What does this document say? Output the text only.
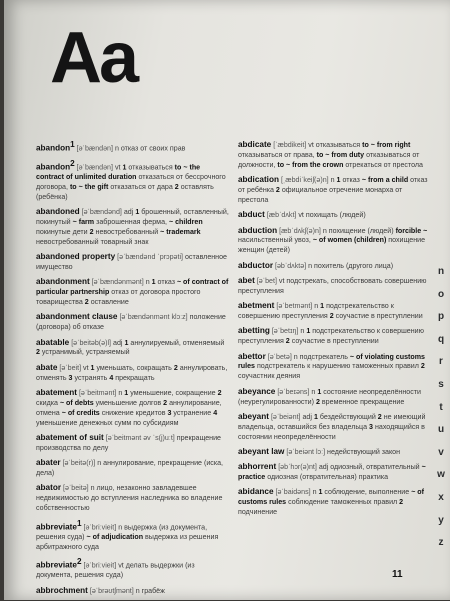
Aa
abandon$^1$ [əˈbændən] n отказ от своих прав
abandon$^2$ [əˈbændən] vt 1 отказываться to ~ the contract of unlimited duration отказаться от бессрочного договора, to ~ the gift отказаться от дара 2 оставлять (ребёнка)
abandoned [əˈbændənd] adj 1 брошенный, оставленный, покинутый ~ farm заброшенная ферма, ~ children покинутые дети 2 невостребованный ~ trademark невостребованный товарный знак
abandoned property [əˈbændənd ˈprɔpəti] оставленное имущество
abandonment [əˈbændənmənt] n 1 отказ ~ of contract of particular partnership отказ от договора простого товарищества 2 оставление
abandonment clause [əˈbændənmənt klɔːz] положение (договора) об отказе
abatable [əˈbeitəb(ə)l] adj 1 аннулируемый, отменяемый 2 устранимый, устраняемый
abate [əˈbeit] vt 1 уменьшать, сокращать 2 аннулировать, отменять 3 устранять 4 прекращать
abatement [əˈbeitmənt] n 1 уменьшение, сокращение 2 скидка ~ of debts уменьшение долгов 2 аннулирование, отмена ~ of credits снижение кредитов 3 устранение 4 уменьшение денежных сумм по субсидиям
abatement of suit [əˈbeitmənt əv ˈs(j)uːt] прекращение производства по делу
abater [əˈbeitə(r)] n аннулирование, прекращение (иска, дела)
abator [əˈbeitə] n лицо, незаконно завладевшее недвижимостью до вступления наследника во владение собственностью
abbreviate$^1$ [əˈbriːvieit] n выдержка (из документа, решения суда) ~ of adjudication выдержка из решения арбитражного суда
abbreviate$^2$ [əˈbriːvieit] vt делать выдержки (из документа, решения суда)
abbrochment [əˈbrəʊtʃmənt] n грабёж
abdicate [ˈæbdikeit] vt отказываться to ~ from right отказываться от права, to ~ from duty отказываться от должности, to ~ from the crown отрекаться от престола
abdication [ˌæbdiˈkeiʃ(ə)n] n 1 отказ ~ from a child отказ от ребёнка 2 официальное отречение монарха от престола
abduct [æbˈdʌkt] vt похищать (людей)
abduction [æbˈdʌkʃ(ə)n] n похищение (людей) forcible ~ насильственный увоз, ~ of women (children) похищение женщин (детей)
abductor [əbˈdʌktə] n похитель (другого лица)
abet [əˈbet] vt подстрекать, способствовать совершению преступления
abetment [əˈbetmənt] n 1 подстрекательство к совершению преступления 2 соучастие в преступлении
abetting [əˈbetɪŋ] n 1 подстрекательство к совершению преступления 2 соучастие в преступлении
abettor [əˈbetə] n подстрекатель ~ of violating customs rules подстрекатель к нарушению таможенных правил 2 соучастник деяния
abeyance [əˈbeɪəns] n 1 состояние неопределённости (неурегулированности) 2 временное прекращение
abeyant [əˈbeiənt] adj 1 бездействующий 2 не имеющий владельца, оставшийся без владельца 3 находящийся в состоянии неопределённости
abeyant law [əˈbeiənt lɔː] недействующий закон
abhorrent [əbˈhɔr(ə)nt] adj одиозный, отвратительный ~ practice одиозная (отвратительная) практика
abidance [əˈbaidəns] n 1 соблюдение, выполнение ~ of customs rules соблюдение таможенных правил 2 подчинение
n
o
p
q
r
s
t
u
v
w
x
y
z
11
